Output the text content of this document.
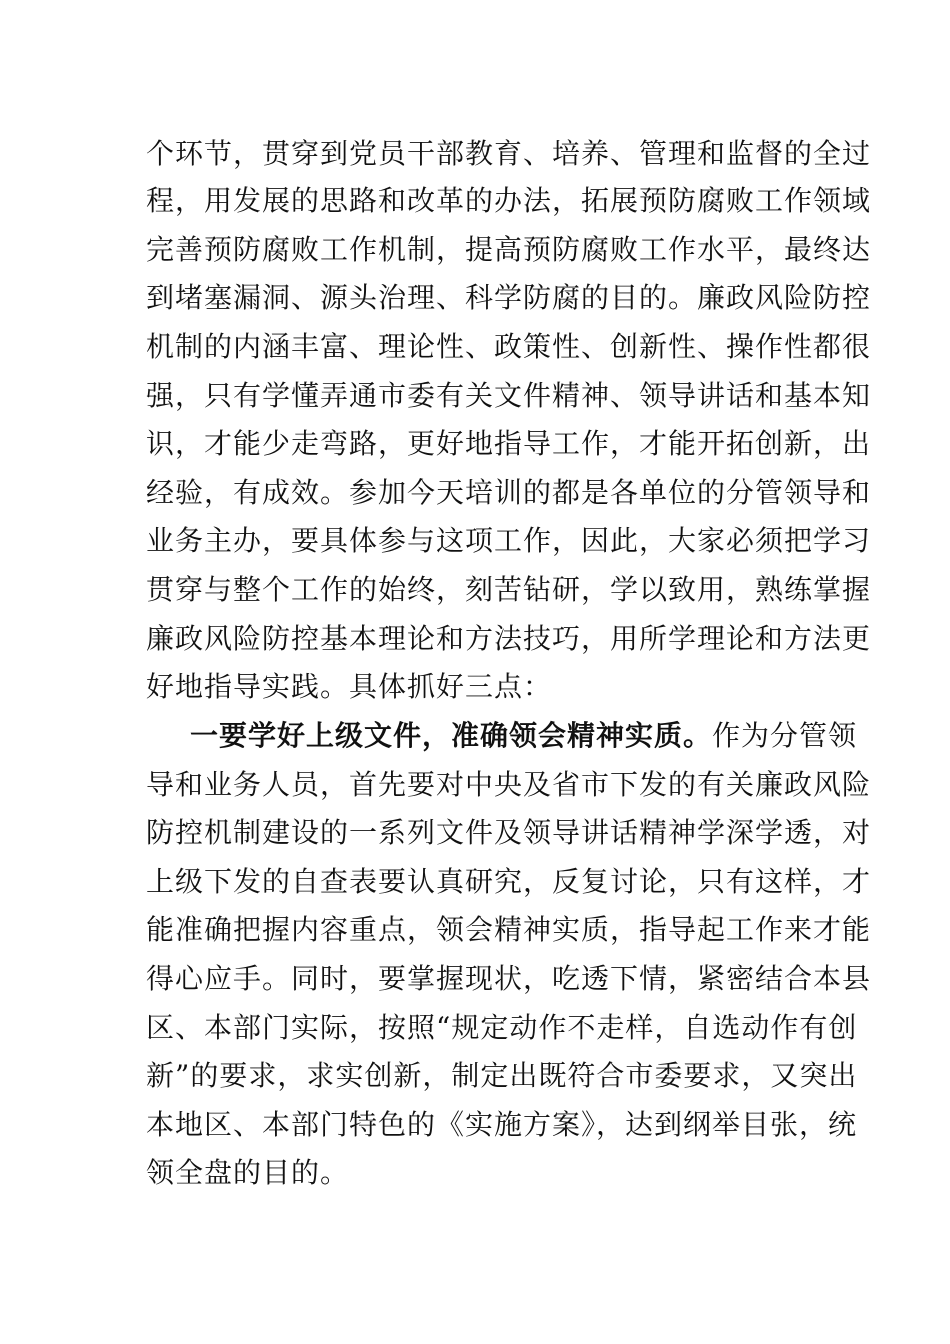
个环节，贯穿到党员干部教育、培养、管理和监督的全过
程，用发展的思路和改革的办法，拓展预防腐败工作领域
完善预防腐败工作机制，提高预防腐败工作水平，最终达
到堵塞漏洞、源头治理、科学防腐的目的。廉政风险防控
机制的内涵丰富、理论性、政策性、创新性、操作性都很
强，只有学懂弄通市委有关文件精神、领导讲话和基本知
识，才能少走弯路，更好地指导工作，才能开拓创新，出
经验，有成效。参加今天培训的都是各单位的分管领导和
业务主办，要具体参与这项工作，因此，大家必须把学习
贯穿与整个工作的始终，刻苦钻研，学以致用，熟练掌握
廉政风险防控基本理论和方法技巧，用所学理论和方法更
好地指导实践。具体抓好三点：
一要学好上级文件，准确领会精神实质。作为分管领
导和业务人员，首先要对中央及省市下发的有关廉政风险
防控机制建设的一系列文件及领导讲话精神学深学透，对
上级下发的自查表要认真研究，反复讨论，只有这样，才
能准确把握内容重点，领会精神实质，指导起工作来才能
得心应手。同时，要掌握现状，吃透下情，紧密结合本县
区、本部门实际，按照“规定动作不走样，自选动作有创
新”的要求，求实创新，制定出既符合市委要求，又突出
本地区、本部门特色的《实施方案》，达到纲举目张，统
领全盘的目的。
